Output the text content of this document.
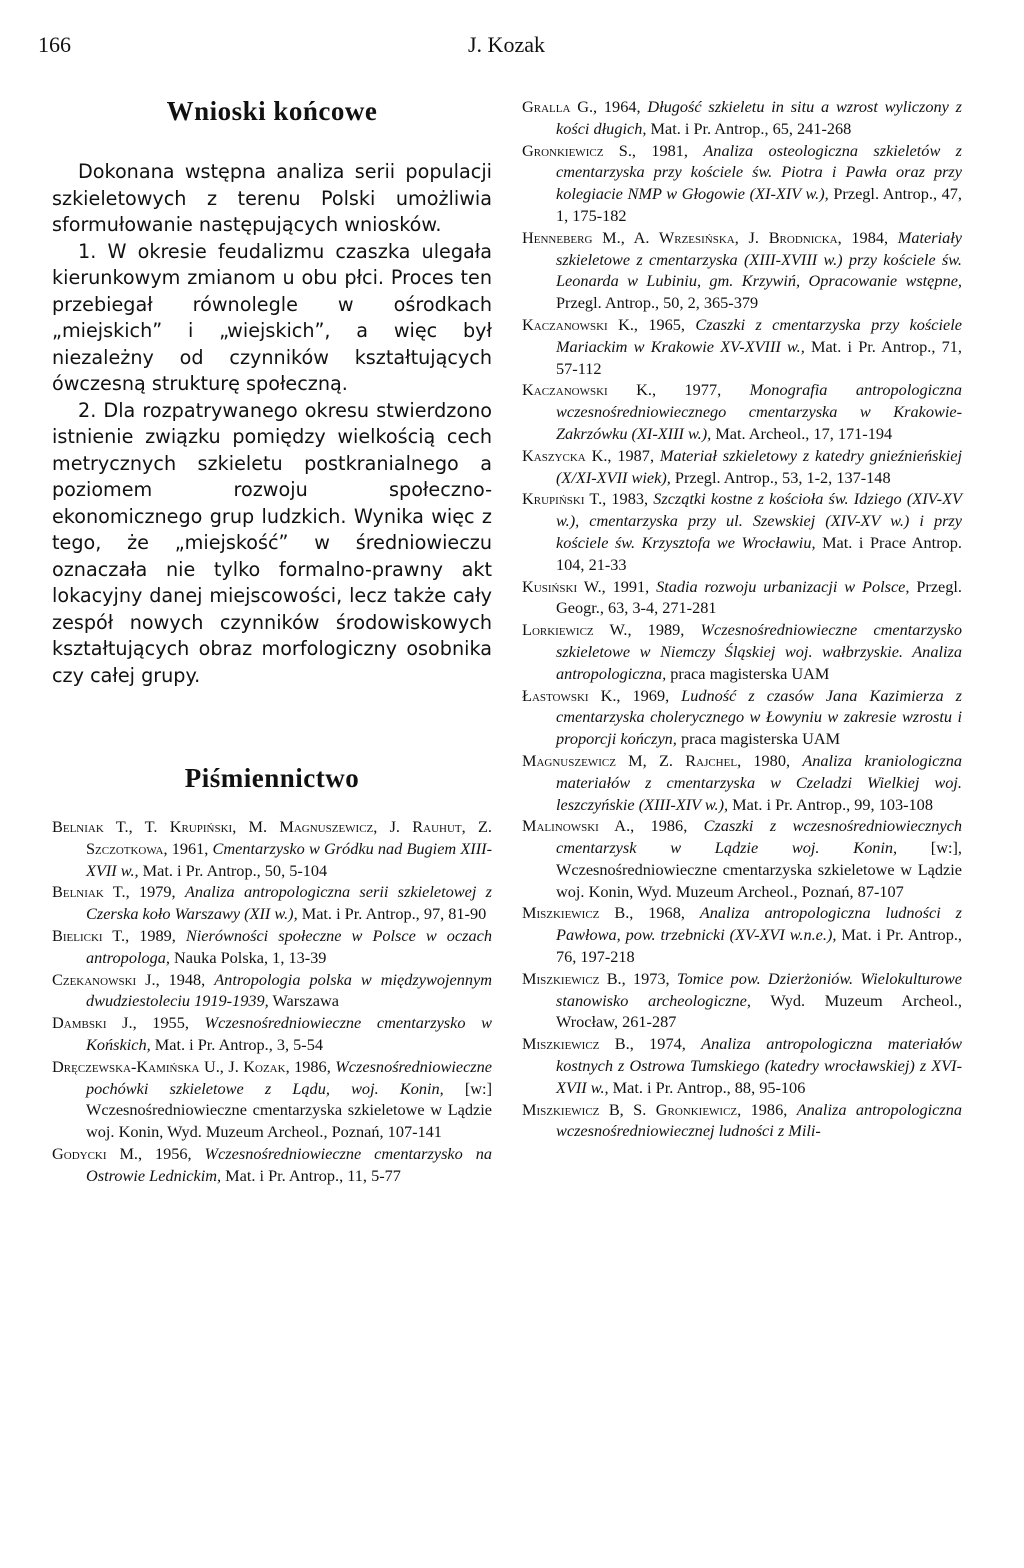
166	J. Kozak
Wnioski końcowe

Dokonana wstępna analiza serii populacji szkieletowych z terenu Polski umożliwia sformułowanie następujących wniosków.

1. W okresie feudalizmu czaszka ulegała kierunkowym zmianom u obu płci. Proces ten przebiegał równolegle w ośrodkach „miejskich” i „wiejskich”, a więc był niezależny od czynników kształtujących ówczesną strukturę społeczną.

2. Dla rozpatrywanego okresu stwierdzono istnienie związku pomiędzy wielkością cech metrycznych szkieletu postkranialnego a poziomem rozwoju społeczno-ekonomicznego grup ludzkich. Wynika więc z tego, że „miejskość” w średniowieczu oznaczała nie tylko formalno-prawny akt lokacyjny danej miejscowości, lecz także cały zespół nowych czynników środowiskowych kształtujących obraz morfologiczny osobnika czy całej grupy.

Piśmiennictwo

Belniak T., T. Krupiński, M. Magnuszewicz, J. Rauhut, Z. Szczotkowa, 1961, Cmentarzysko w Gródku nad Bugiem XIII-XVII w., Mat. i Pr. Antrop., 50, 5-104

Belniak T., 1979, Analiza antropologiczna serii szkieletowej z Czerska koło Warszawy (XII w.), Mat. i Pr. Antrop., 97, 81-90

Bielicki T., 1989, Nierówności społeczne w Polsce w oczach antropologa, Nauka Polska, 1, 13-39

Czekanowski J., 1948, Antropologia polska w międzywojennym dwudziestoleciu 1919-1939, Warszawa

Dambski J., 1955, Wczesnośredniowieczne cmentarzysko w Końskich, Mat. i Pr. Antrop., 3, 5-54

Dręczewska-Kamińska U., J. Kozak, 1986, Wczesnośredniowieczne pochówki szkieletowe z Lądu, woj. Konin, [w:] Wczesnośredniowieczne cmentarzyska szkieletowe w Lądzie woj. Konin, Wyd. Muzeum Archeol., Poznań, 107-141

Godycki M., 1956, Wczesnośredniowieczne cmentarzysko na Ostrowie Lednickim, Mat. i Pr. Antrop., 11, 5-77

Gralla G., 1964, Długość szkieletu in situ a wzrost wyliczony z kości długich, Mat. i Pr. Antrop., 65, 241-268

Gronkiewicz S., 1981, Analiza osteologiczna szkieletów z cmentarzyska przy kościele św. Piotra i Pawła oraz przy kolegiacie NMP w Głogowie (XI-XIV w.), Przegl. Antrop., 47, 1, 175-182

Henneberg M., A. Wrzesińska, J. Brodnicka, 1984, Materiały szkieletowe z cmentarzyska (XIII-XVIII w.) przy kościele św. Leonarda w Lubiniu, gm. Krzywiń, Opracowanie wstępne, Przegl. Antrop., 50, 2, 365-379

Kaczanowski K., 1965, Czaszki z cmentarzyska przy kościele Mariackim w Krakowie XV-XVIII w., Mat. i Pr. Antrop., 71, 57-112

Kaczanowski K., 1977, Monografia antropologiczna wczesnośredniowiecznego cmentarzyska w Krakowie-Zakrzówku (XI-XIII w.), Mat. Archeol., 17, 171-194

Kaszycka K., 1987, Materiał szkieletowy z katedry gnieźnieńskiej (X/XI-XVII wiek), Przegl. Antrop., 53, 1-2, 137-148

Krupiński T., 1983, Szczątki kostne z kościoła św. Idziego (XIV-XV w.), cmentarzyska przy ul. Szewskiej (XIV-XV w.) i przy kościele św. Krzysztofa we Wrocławiu, Mat. i Prace Antrop. 104, 21-33

Kusiński W., 1991, Stadia rozwoju urbanizacji w Polsce, Przegl. Geogr., 63, 3-4, 271-281

Lorkiewicz W., 1989, Wczesnośredniowieczne cmentarzysko szkieletowe w Niemczy Śląskiej woj. wałbrzyskie. Analiza antropologiczna, praca magisterska UAM

Łastowski K., 1969, Ludność z czasów Jana Kazimierza z cmentarzyska cholerycznego w Łowyniu w zakresie wzrostu i proporcji kończyn, praca magisterska UAM

Magnuszewicz M, Z. Rajchel, 1980, Analiza kraniologiczna materiałów z cmentarzyska w Czeladzi Wielkiej woj. leszczyńskie (XIII-XIV w.), Mat. i Pr. Antrop., 99, 103-108

Malinowski A., 1986, Czaszki z wczesnośredniowiecznych cmentarzysk w Lądzie woj. Konin, [w:], Wczesnośredniowieczne cmentarzyska szkieletowe w Lądzie woj. Konin, Wyd. Muzeum Archeol., Poznań, 87-107

Miszkiewicz B., 1968, Analiza antropologiczna ludności z Pawłowa, pow. trzebnicki (XV-XVI w.n.e.), Mat. i Pr. Antrop., 76, 197-218

Miszkiewicz B., 1973, Tomice pow. Dzierżoniów. Wielokulturowe stanowisko archeologiczne, Wyd. Muzeum Archeol., Wrocław, 261-287

Miszkiewicz B., 1974, Analiza antropologiczna materiałów kostnych z Ostrowa Tumskiego (katedry wrocławskiej) z XVI-XVII w., Mat. i Pr. Antrop., 88, 95-106

Miszkiewicz B, S. Gronkiewicz, 1986, Analiza antropologiczna wczesnośredniowiecznej ludności z Mili-
